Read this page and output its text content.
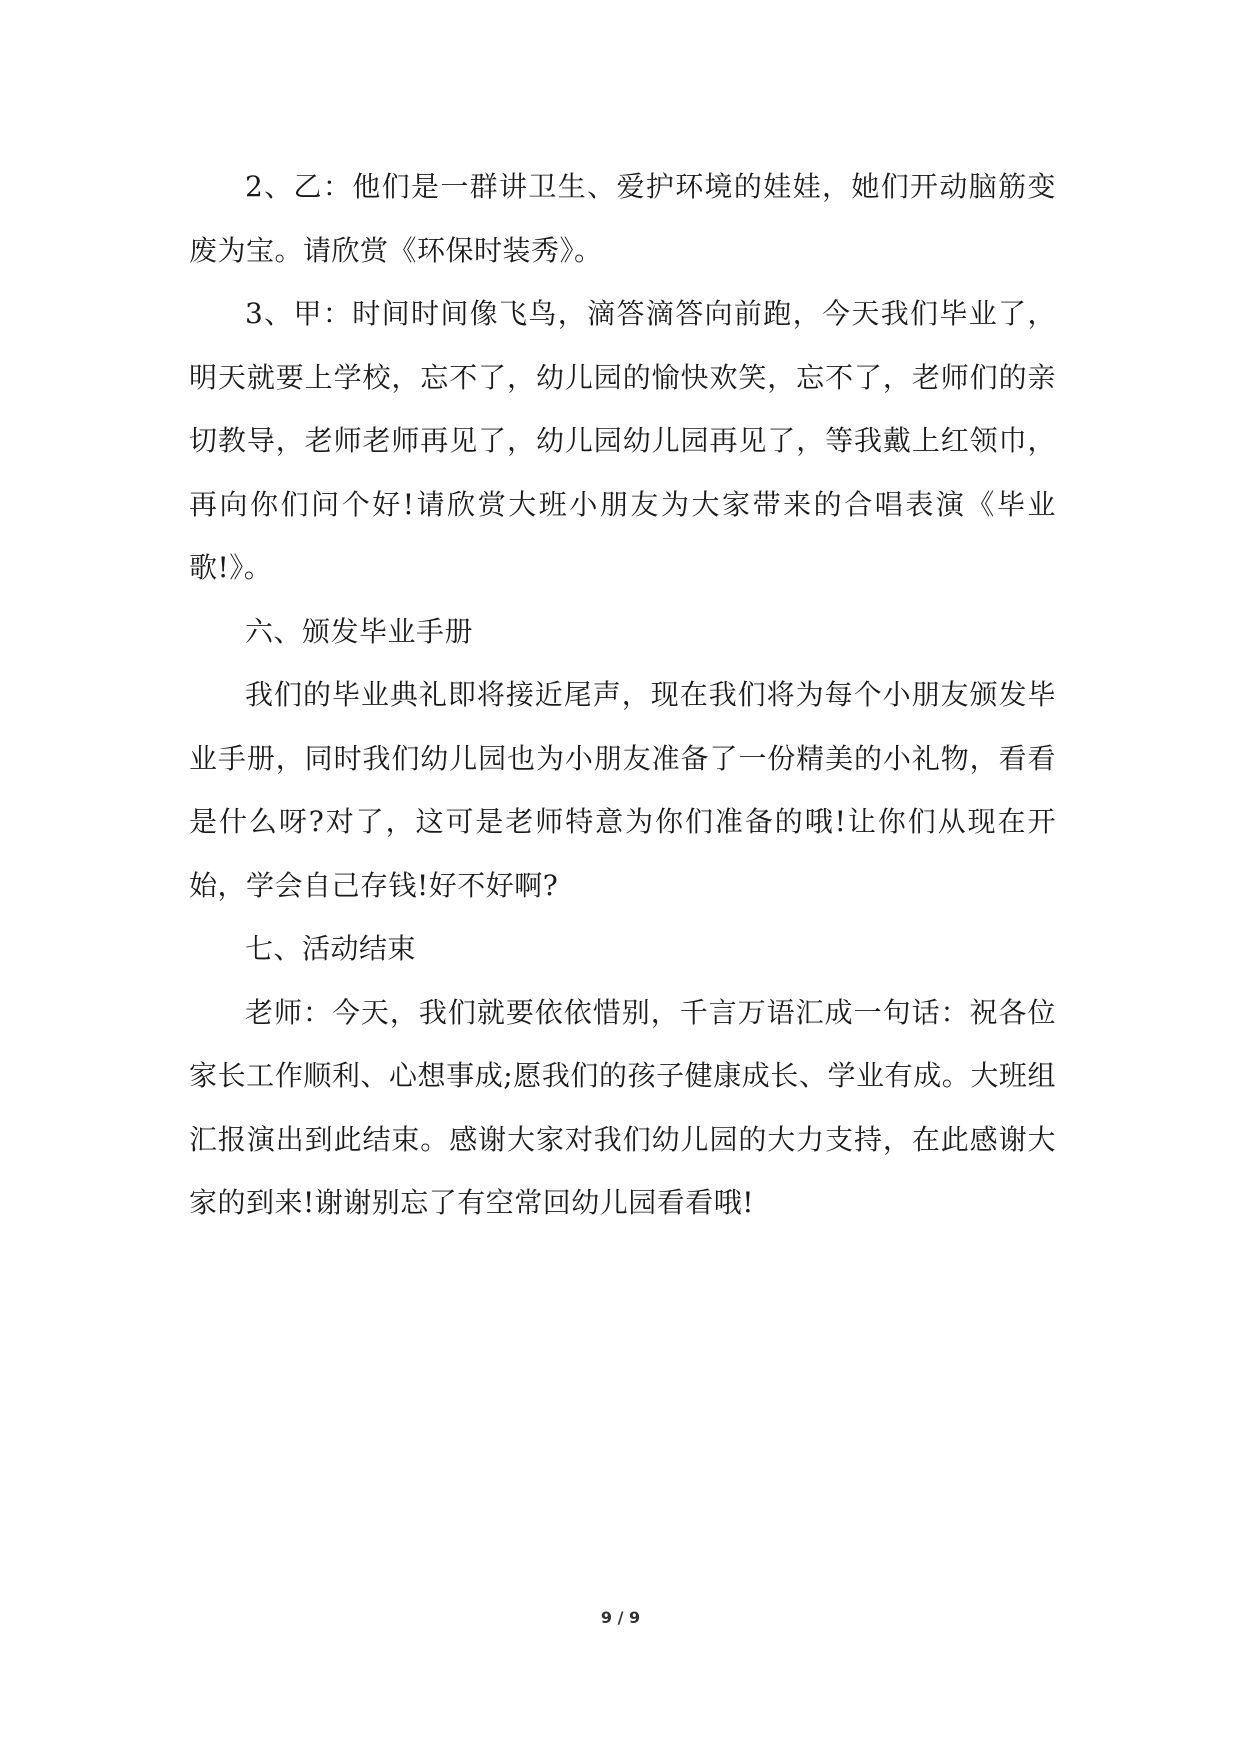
2、乙：他们是一群讲卫生、爱护环境的娃娃，她们开动脑筋变废为宝。请欣赏《环保时装秀》。

3、甲：时间时间像飞鸟，滴答滴答向前跑，今天我们毕业了，明天就要上学校，忘不了，幼儿园的愉快欢笑，忘不了，老师们的亲切教导，老师老师再见了，幼儿园幼儿园再见了，等我戴上红领巾，再向你们问个好!请欣赏大班小朋友为大家带来的合唱表演《毕业歌!》。

六、颁发毕业手册

我们的毕业典礼即将接近尾声，现在我们将为每个小朋友颁发毕业手册，同时我们幼儿园也为小朋友准备了一份精美的小礼物，看看是什么呀?对了，这可是老师特意为你们准备的哦!让你们从现在开始，学会自己存钱!好不好啊?

七、活动结束

老师：今天，我们就要依依惜别，千言万语汇成一句话：祝各位家长工作顺利、心想事成;愿我们的孩子健康成长、学业有成。大班组汇报演出到此结束。感谢大家对我们幼儿园的大力支持，在此感谢大家的到来!谢谢别忘了有空常回幼儿园看看哦!

9 / 9
